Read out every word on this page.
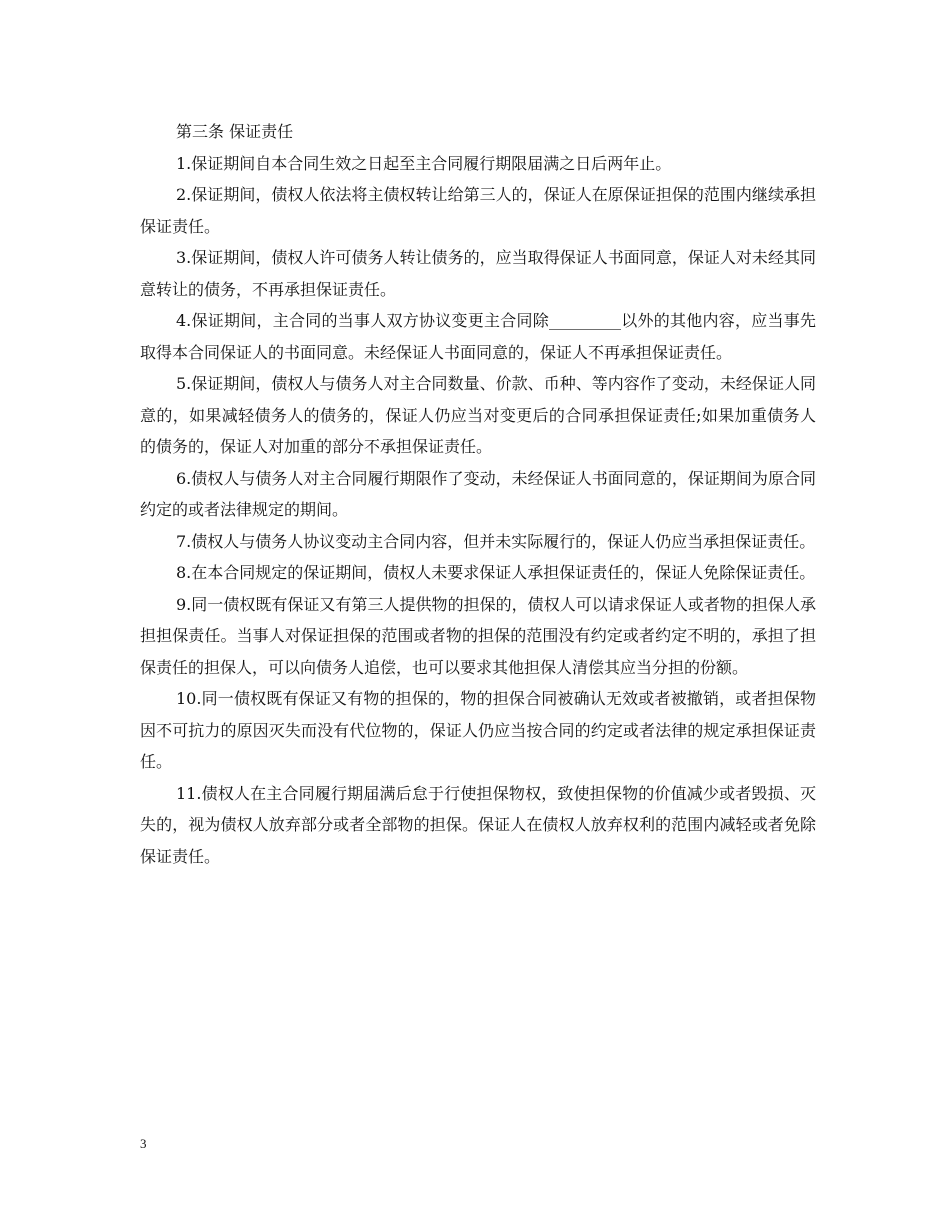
第三条 保证责任

1.保证期间自本合同生效之日起至主合同履行期限届满之日后两年止。

2.保证期间，债权人依法将主债权转让给第三人的，保证人在原保证担保的范围内继续承担保证责任。

3.保证期间，债权人许可债务人转让债务的，应当取得保证人书面同意，保证人对未经其同意转让的债务，不再承担保证责任。

4.保证期间，主合同的当事人双方协议变更主合同除_________以外的其他内容，应当事先取得本合同保证人的书面同意。未经保证人书面同意的，保证人不再承担保证责任。

5.保证期间，债权人与债务人对主合同数量、价款、币种、等内容作了变动，未经保证人同意的，如果减轻债务人的债务的，保证人仍应当对变更后的合同承担保证责任;如果加重债务人的债务的，保证人对加重的部分不承担保证责任。

6.债权人与债务人对主合同履行期限作了变动，未经保证人书面同意的，保证期间为原合同约定的或者法律规定的期间。

7.债权人与债务人协议变动主合同内容，但并未实际履行的，保证人仍应当承担保证责任。

8.在本合同规定的保证期间，债权人未要求保证人承担保证责任的，保证人免除保证责任。

9.同一债权既有保证又有第三人提供物的担保的，债权人可以请求保证人或者物的担保人承担担保责任。当事人对保证担保的范围或者物的担保的范围没有约定或者约定不明的，承担了担保责任的担保人，可以向债务人追偿，也可以要求其他担保人清偿其应当分担的份额。

10.同一债权既有保证又有物的担保的，物的担保合同被确认无效或者被撤销，或者担保物因不可抗力的原因灭失而没有代位物的，保证人仍应当按合同的约定或者法律的规定承担保证责任。

11.债权人在主合同履行期届满后怠于行使担保物权，致使担保物的价值减少或者毁损、灭失的，视为债权人放弃部分或者全部物的担保。保证人在债权人放弃权利的范围内减轻或者免除保证责任。

3
